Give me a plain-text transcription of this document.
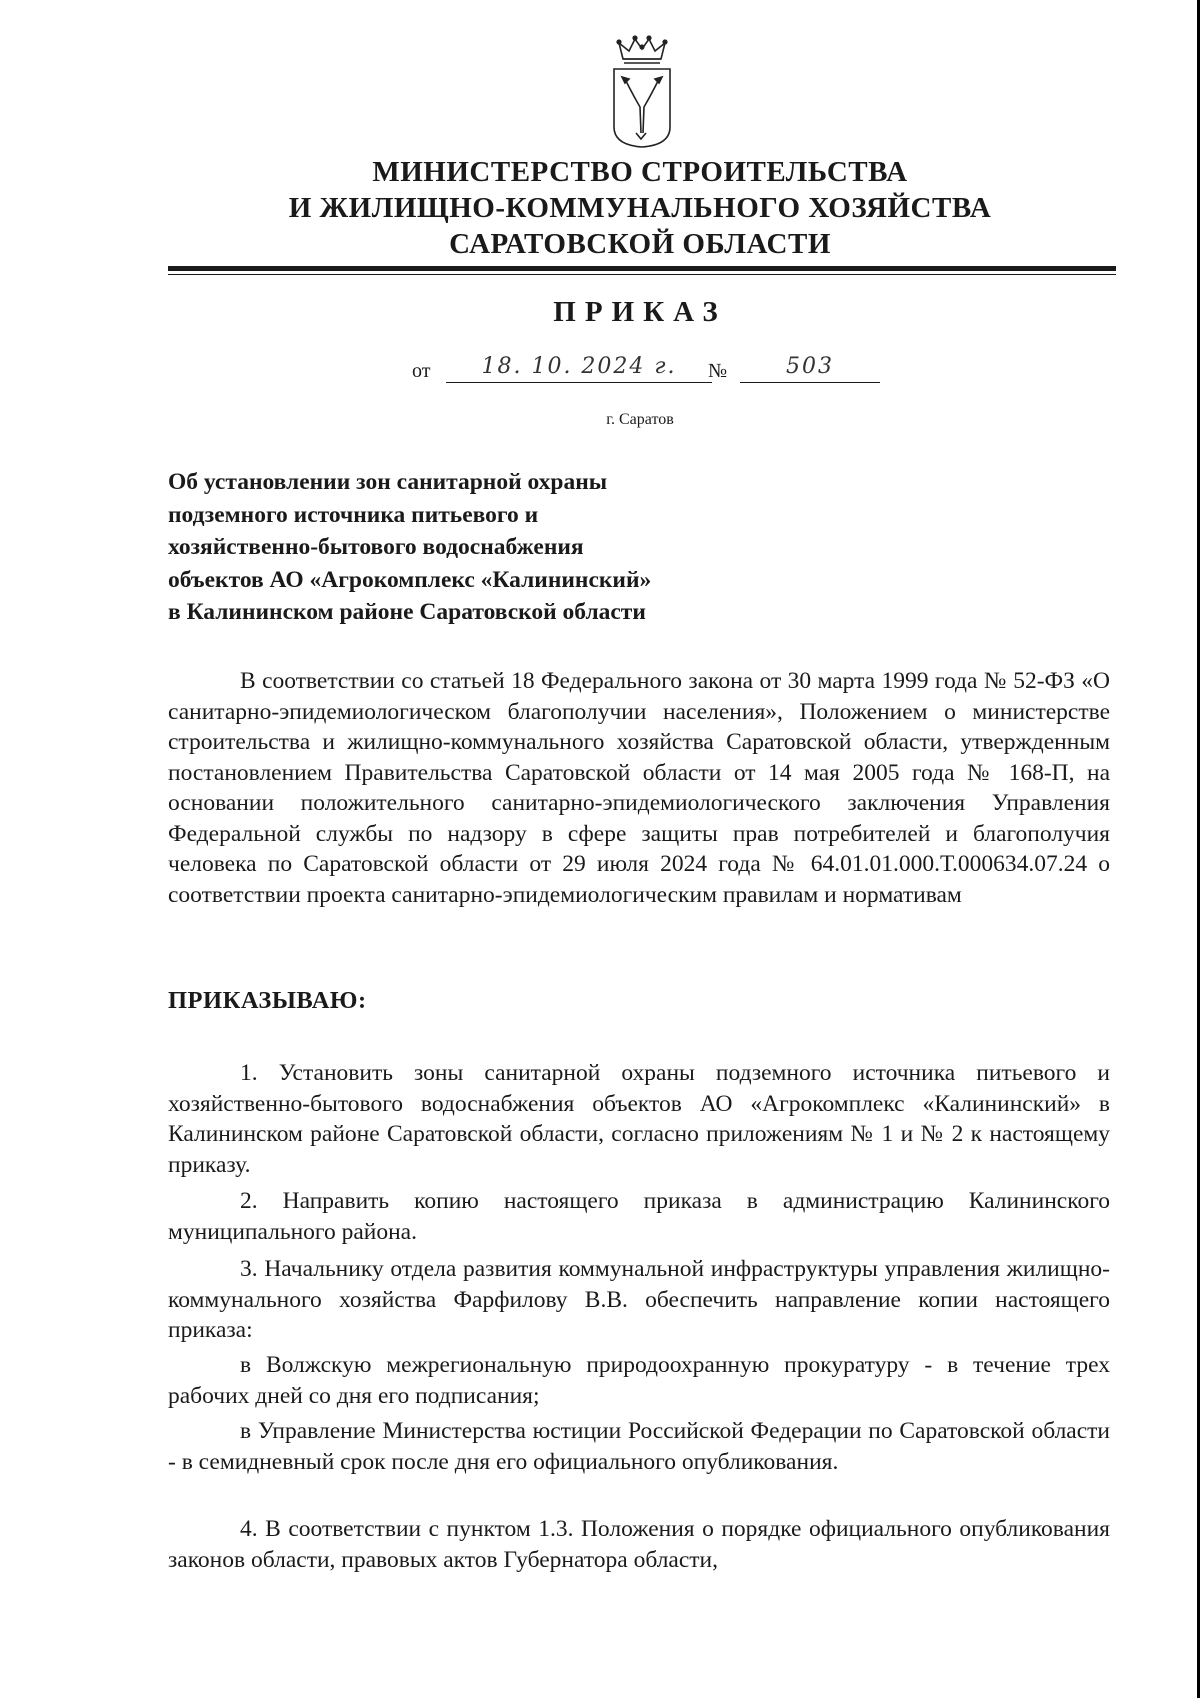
МИНИСТЕРСТВО СТРОИТЕЛЬСТВА
И ЖИЛИЩНО-КОММУНАЛЬНОГО ХОЗЯЙСТВА
САРАТОВСКОЙ ОБЛАСТИ
ПРИКАЗ
от	18. 10. 2024 г.	№	503
г. Саратов
Об установлении зон санитарной охраны
подземного источника питьевого и
хозяйственно-бытового водоснабжения
объектов АО «Агрокомплекс «Калининский»
в Калининском районе Саратовской области
В соответствии со статьей 18 Федерального закона от 30 марта 1999 года № 52-ФЗ «О санитарно-эпидемиологическом благополучии населения», Положением о министерстве строительства и жилищно-коммунального хозяйства Саратовской области, утвержденным постановлением Правительства Саратовской области от 14 мая 2005 года № 168-П, на основании положительного санитарно-эпидемиологического заключения Управления Федеральной службы по надзору в сфере защиты прав потребителей и благополучия человека по Саратовской области от 29 июля 2024 года № 64.01.01.000.Т.000634.07.24 о соответствии проекта санитарно-эпидемиологическим правилам и нормативам
ПРИКАЗЫВАЮ:
1. Установить зоны санитарной охраны подземного источника питьевого и хозяйственно-бытового водоснабжения объектов АО «Агрокомплекс «Калининский» в Калининском районе Саратовской области, согласно приложениям № 1 и № 2 к настоящему приказу.
2. Направить копию настоящего приказа в администрацию Калининского муниципального района.
3. Начальнику отдела развития коммунальной инфраструктуры управления жилищно-коммунального хозяйства Фарфилову В.В. обеспечить направление копии настоящего приказа:
в Волжскую межрегиональную природоохранную прокуратуру - в течение трех рабочих дней со дня его подписания;
в Управление Министерства юстиции Российской Федерации по Саратовской области - в семидневный срок после дня его официального опубликования.
4. В соответствии с пунктом 1.3. Положения о порядке официального опубликования законов области, правовых актов Губернатора области,
